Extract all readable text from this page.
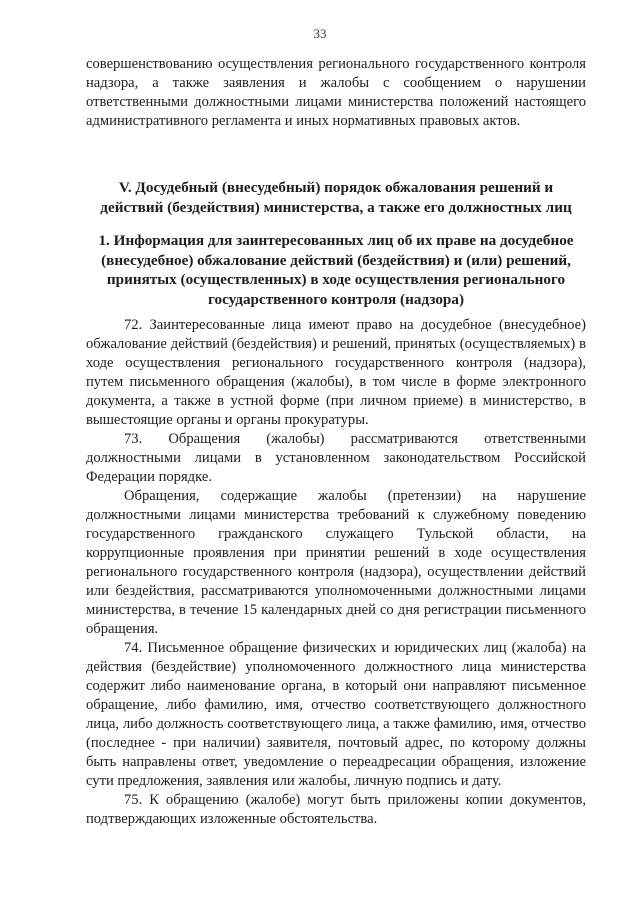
33

совершенствованию осуществления регионального государственного контроля надзора, а также заявления и жалобы с сообщением о нарушении ответственными должностными лицами министерства положений настоящего административного регламента и иных нормативных правовых актов.

V. Досудебный (внесудебный) порядок обжалования решений и действий (бездействия) министерства, а также его должностных лиц
1. Информация для заинтересованных лиц об их праве на досудебное (внесудебное) обжалование действий (бездействия) и (или) решений, принятых (осуществленных) в ходе осуществления регионального государственного контроля (надзора)

72. Заинтересованные лица имеют право на досудебное (внесудебное) обжалование действий (бездействия) и решений, принятых (осуществляемых) в ходе осуществления регионального государственного контроля (надзора), путем письменного обращения (жалобы), в том числе в форме электронного документа, а также в устной форме (при личном приеме) в министерство, в вышестоящие органы и органы прокуратуры.

73. Обращения (жалобы) рассматриваются ответственными должностными лицами в установленном законодательством Российской Федерации порядке.

Обращения, содержащие жалобы (претензии) на нарушение должностными лицами министерства требований к служебному поведению государственного гражданского служащего Тульской области, на коррупционные проявления при принятии решений в ходе осуществления регионального государственного контроля (надзора), осуществлении действий или бездействия, рассматриваются уполномоченными должностными лицами министерства, в течение 15 календарных дней со дня регистрации письменного обращения.

74. Письменное обращение физических и юридических лиц (жалоба) на действия (бездействие) уполномоченного должностного лица министерства содержит либо наименование органа, в который они направляют письменное обращение, либо фамилию, имя, отчество соответствующего должностного лица, либо должность соответствующего лица, а также фамилию, имя, отчество (последнее - при наличии) заявителя, почтовый адрес, по которому должны быть направлены ответ, уведомление о переадресации обращения, изложение сути предложения, заявления или жалобы, личную подпись и дату.

75. К обращению (жалобе) могут быть приложены копии документов, подтверждающих изложенные обстоятельства.
